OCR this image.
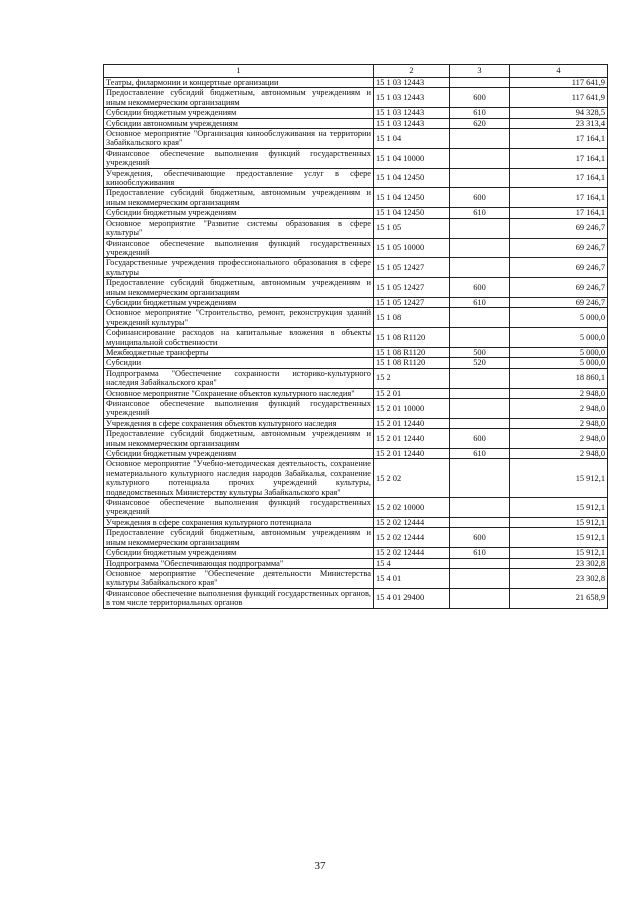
1	2	3	4
Театры, филармонии и концертные организации	15 1 03 12443		117 641,9
Предоставление субсидий бюджетным, автономным учреждениям и иным некоммерческим организациям	15 1 03 12443	600	117 641,9
Субсидии бюджетным учреждениям	15 1 03 12443	610	94 328,5
Субсидии автономным учреждениям	15 1 03 12443	620	23 313,4
Основное мероприятие "Организация кинообслуживания на территории Забайкальского края"	15 1 04		17 164,1
Финансовое обеспечение выполнения функций государственных учреждений	15 1 04 10000		17 164,1
Учреждения, обеспечивающие предоставление услуг в сфере кинообслуживания	15 1 04 12450		17 164,1
Предоставление субсидий бюджетным, автономным учреждениям и иным некоммерческим организациям	15 1 04 12450	600	17 164,1
Субсидии бюджетным учреждениям	15 1 04 12450	610	17 164,1
Основное мероприятие "Развитие системы образования в сфере культуры"	15 1 05		69 246,7
Финансовое обеспечение выполнения функций государственных учреждений	15 1 05 10000		69 246,7
Государственные учреждения профессионального образования в сфере культуры	15 1 05 12427		69 246,7
Предоставление субсидий бюджетным, автономным учреждениям и иным некоммерческим организациям	15 1 05 12427	600	69 246,7
Субсидии бюджетным учреждениям	15 1 05 12427	610	69 246,7
Основное мероприятие "Строительство, ремонт, реконструкция зданий учреждений культуры"	15 1 08		5 000,0
Софинансирование расходов на капитальные вложения в объекты муниципальной собственности	15 1 08 R1120		5 000,0
Межбюджетные трансферты	15 1 08 R1120	500	5 000,0
Субсидии	15 1 08 R1120	520	5 000,0
Подпрограмма "Обеспечение сохранности историко-культурного наследия Забайкальского края"	15 2		18 860,1
Основное мероприятие "Сохранение объектов культурного наследия"	15 2 01		2 948,0
Финансовое обеспечение выполнения функций государственных учреждений	15 2 01 10000		2 948,0
Учреждения в сфере сохранения объектов культурного наследия	15 2 01 12440		2 948,0
Предоставление субсидий бюджетным, автономным учреждениям и иным некоммерческим организациям	15 2 01 12440	600	2 948,0
Субсидии бюджетным учреждениям	15 2 01 12440	610	2 948,0
Основное мероприятие "Учебно-методическая деятельность, сохранение нематериального культурного наследия народов Забайкалья, сохранение культурного потенциала прочих учреждений культуры, подведомственных Министерству культуры Забайкальского края"	15 2 02		15 912,1
Финансовое обеспечение выполнения функций государственных учреждений	15 2 02 10000		15 912,1
Учреждения в сфере сохранения культурного потенциала	15 2 02 12444		15 912,1
Предоставление субсидий бюджетным, автономным учреждениям и иным некоммерческим организациям	15 2 02 12444	600	15 912,1
Субсидии бюджетным учреждениям	15 2 02 12444	610	15 912,1
Подпрограмма "Обеспечивающая подпрограмма"	15 4		23 302,8
Основное мероприятие "Обеспечение деятельности Министерства культуры Забайкальского края"	15 4 01		23 302,8
Финансовое обеспечение выполнения функций государственных органов, в том числе территориальных органов	15 4 01 29400		21 658,9
37
